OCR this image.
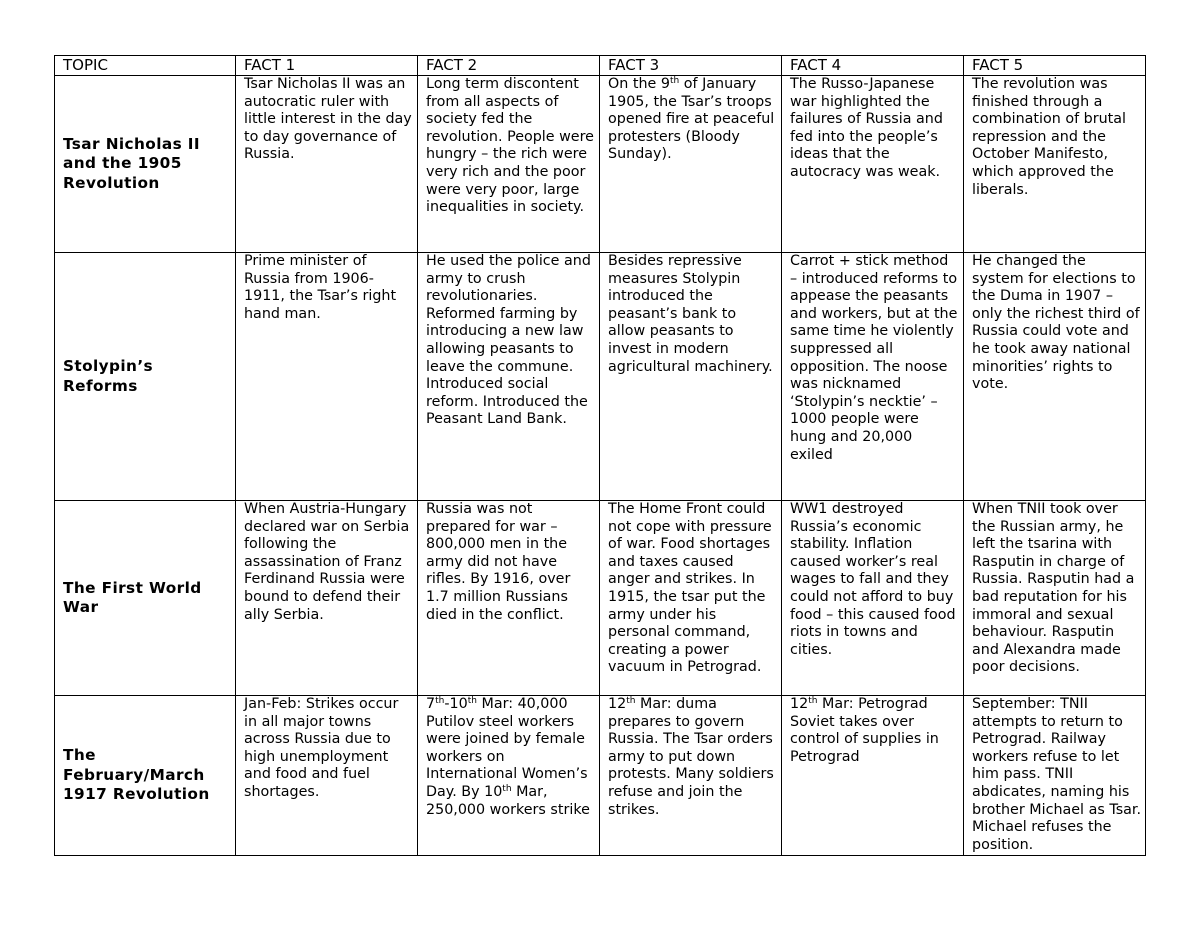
TOPIC	FACT 1	FACT 2	FACT 3	FACT 4	FACT 5
Tsar Nicholas II and the 1905 Revolution	Tsar Nicholas II was an autocratic ruler with little interest in the day to day governance of Russia.	Long term discontent from all aspects of society fed the revolution. People were hungry – the rich were very rich and the poor were very poor, large inequalities in society.	On the 9th of January 1905, the Tsar’s troops opened fire at peaceful protesters (Bloody Sunday).	The Russo-Japanese war highlighted the failures of Russia and fed into the people’s ideas that the autocracy was weak.	The revolution was finished through a combination of brutal repression and the October Manifesto, which approved the liberals.
Stolypin’s Reforms	Prime minister of Russia from 1906-1911, the Tsar’s right hand man.	He used the police and army to crush revolutionaries. Reformed farming by introducing a new law allowing peasants to leave the commune. Introduced social reform. Introduced the Peasant Land Bank.	Besides repressive measures Stolypin introduced the peasant’s bank to allow peasants to invest in modern agricultural machinery.	Carrot + stick method – introduced reforms to appease the peasants and workers, but at the same time he violently suppressed all opposition. The noose was nicknamed ‘Stolypin’s necktie’ – 1000 people were hung and 20,000 exiled	He changed the system for elections to the Duma in 1907 – only the richest third of Russia could vote and he took away national minorities’ rights to vote.
The First World War	When Austria-Hungary declared war on Serbia following the assassination of Franz Ferdinand Russia were bound to defend their ally Serbia.	Russia was not prepared for war – 800,000 men in the army did not have rifles. By 1916, over 1.7 million Russians died in the conflict.	The Home Front could not cope with pressure of war. Food shortages and taxes caused anger and strikes. In 1915, the tsar put the army under his personal command, creating a power vacuum in Petrograd.	WW1 destroyed Russia’s economic stability. Inflation caused worker’s real wages to fall and they could not afford to buy food – this caused food riots in towns and cities.	When TNII took over the Russian army, he left the tsarina with Rasputin in charge of Russia. Rasputin had a bad reputation for his immoral and sexual behaviour. Rasputin and Alexandra made poor decisions.
The February/March 1917 Revolution	Jan-Feb: Strikes occur in all major towns across Russia due to high unemployment and food and fuel shortages.	7th-10th Mar: 40,000 Putilov steel workers were joined by female workers on International Women’s Day. By 10th Mar, 250,000 workers strike	12th Mar: duma prepares to govern Russia. The Tsar orders army to put down protests. Many soldiers refuse and join the strikes.	12th Mar: Petrograd Soviet takes over control of supplies in Petrograd	September: TNII attempts to return to Petrograd. Railway workers refuse to let him pass. TNII abdicates, naming his brother Michael as Tsar. Michael refuses the position.
